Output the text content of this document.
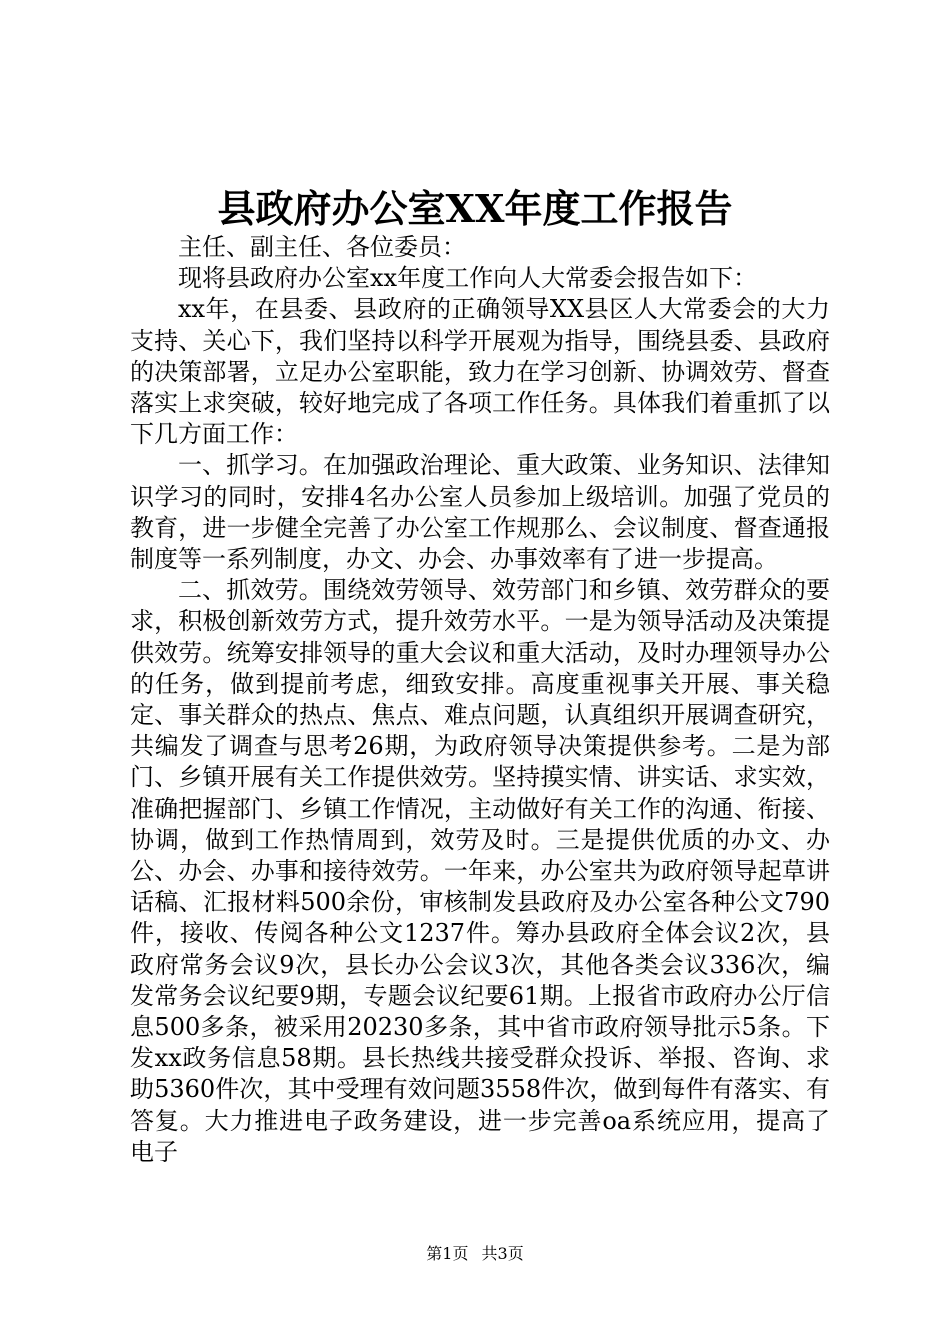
县政府办公室XX年度工作报告

主任、副主任、各位委员：

现将县政府办公室xx年度工作向人大常委会报告如下：

xx年，在县委、县政府的正确领导XX县区人大常委会的大力支持、关心下，我们坚持以科学开展观为指导，围绕县委、县政府的决策部署，立足办公室职能，致力在学习创新、协调效劳、督查落实上求突破，较好地完成了各项工作任务。具体我们着重抓了以下几方面工作：

一、抓学习。在加强政治理论、重大政策、业务知识、法律知识学习的同时，安排4名办公室人员参加上级培训。加强了党员的教育，进一步健全完善了办公室工作规那么、会议制度、督查通报制度等一系列制度，办文、办会、办事效率有了进一步提高。

二、抓效劳。围绕效劳领导、效劳部门和乡镇、效劳群众的要求，积极创新效劳方式，提升效劳水平。一是为领导活动及决策提供效劳。统筹安排领导的重大会议和重大活动，及时办理领导办公的任务，做到提前考虑，细致安排。高度重视事关开展、事关稳定、事关群众的热点、焦点、难点问题，认真组织开展调查研究，共编发了调查与思考26期，为政府领导决策提供参考。二是为部门、乡镇开展有关工作提供效劳。坚持摸实情、讲实话、求实效，准确把握部门、乡镇工作情况，主动做好有关工作的沟通、衔接、协调，做到工作热情周到，效劳及时。三是提供优质的办文、办公、办会、办事和接待效劳。一年来，办公室共为政府领导起草讲话稿、汇报材料500余份，审核制发县政府及办公室各种公文790件，接收、传阅各种公文1237件。筹办县政府全体会议2次，县政府常务会议9次，县长办公会议3次，其他各类会议336次，编发常务会议纪要9期，专题会议纪要61期。上报省市政府办公厅信息500多条，被采用20230多条，其中省市政府领导批示5条。下发xx政务信息58期。县长热线共接受群众投诉、举报、咨询、求助5360件次，其中受理有效问题3558件次，做到每件有落实、有答复。大力推进电子政务建设，进一步完善oa系统应用，提高了电子

第1页 共3页
